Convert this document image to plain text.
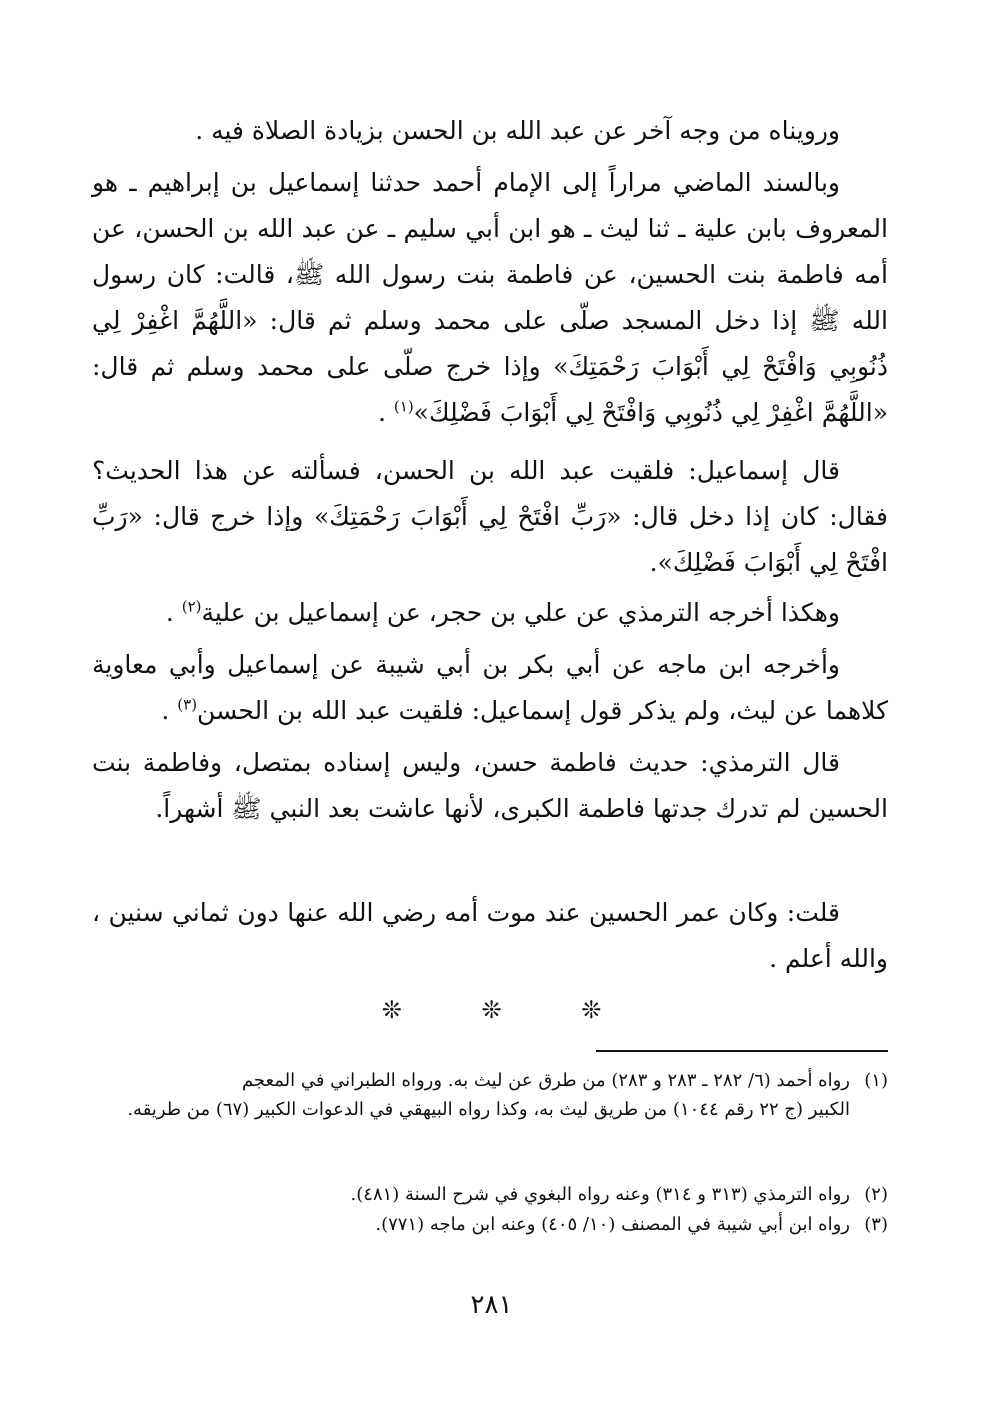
ورويناه من وجه آخر عن عبد الله بن الحسن بزيادة الصلاة فيه .

وبالسند الماضي مراراً إلى الإمام أحمد حدثنا إسماعيل بن إبراهيم ـ هو المعروف بابن علية ـ ثنا ليث ـ هو ابن أبي سليم ـ عن عبد الله بن الحسن، عن أمه فاطمة بنت الحسين، عن فاطمة بنت رسول الله ﷺ، قالت: كان رسول الله ﷺ إذا دخل المسجد صلّى على محمد وسلم ثم قال: «اللَّهُمَّ اغْفِرْ لِي ذُنُوبِي وَافْتَحْ لِي أَبْوَابَ رَحْمَتِكَ» وإذا خرج صلّى على محمد وسلم ثم قال: «اللَّهُمَّ اغْفِرْ لِي ذُنُوبِي وَافْتَحْ لِي أَبْوَابَ فَضْلِكَ»$^{(١)}$ .

قال إسماعيل: فلقيت عبد الله بن الحسن، فسألته عن هذا الحديث؟ فقال: كان إذا دخل قال: «رَبِّ افْتَحْ لِي أَبْوَابَ رَحْمَتِكَ» وإذا خرج قال: «رَبِّ افْتَحْ لِي أَبْوَابَ فَضْلِكَ».

وهكذا أخرجه الترمذي عن علي بن حجر، عن إسماعيل بن علية$^{(٢)}$ .

وأخرجه ابن ماجه عن أبي بكر بن أبي شيبة عن إسماعيل وأبي معاوية كلاهما عن ليث، ولم يذكر قول إسماعيل: فلقيت عبد الله بن الحسن$^{(٣)}$ .

قال الترمذي: حديث فاطمة حسن، وليس إسناده بمتصل، وفاطمة بنت الحسين لم تدرك جدتها فاطمة الكبرى، لأنها عاشت بعد النبي ﷺ أشهراً.

قلت: وكان عمر الحسين عند موت أمه رضي الله عنها دون ثماني سنين ، والله أعلم .

❊	❊	❊

(١)رواه أحمد (٦/ ٢٨٢ ـ ٢٨٣ و ٢٨٣) من طرق عن ليث به. ورواه الطبراني في المعجم
الكبير (ج ٢٢ رقم ١٠٤٤) من طريق ليث به، وكذا رواه البيهقي في الدعوات الكبير (٦٧) من طريقه.

(٢)رواه الترمذي (٣١٣ و ٣١٤) وعنه رواه البغوي في شرح السنة (٤٨١).

(٣)رواه ابن أبي شيبة في المصنف (١٠/ ٤٠٥) وعنه ابن ماجه (٧٧١).

٢٨١
